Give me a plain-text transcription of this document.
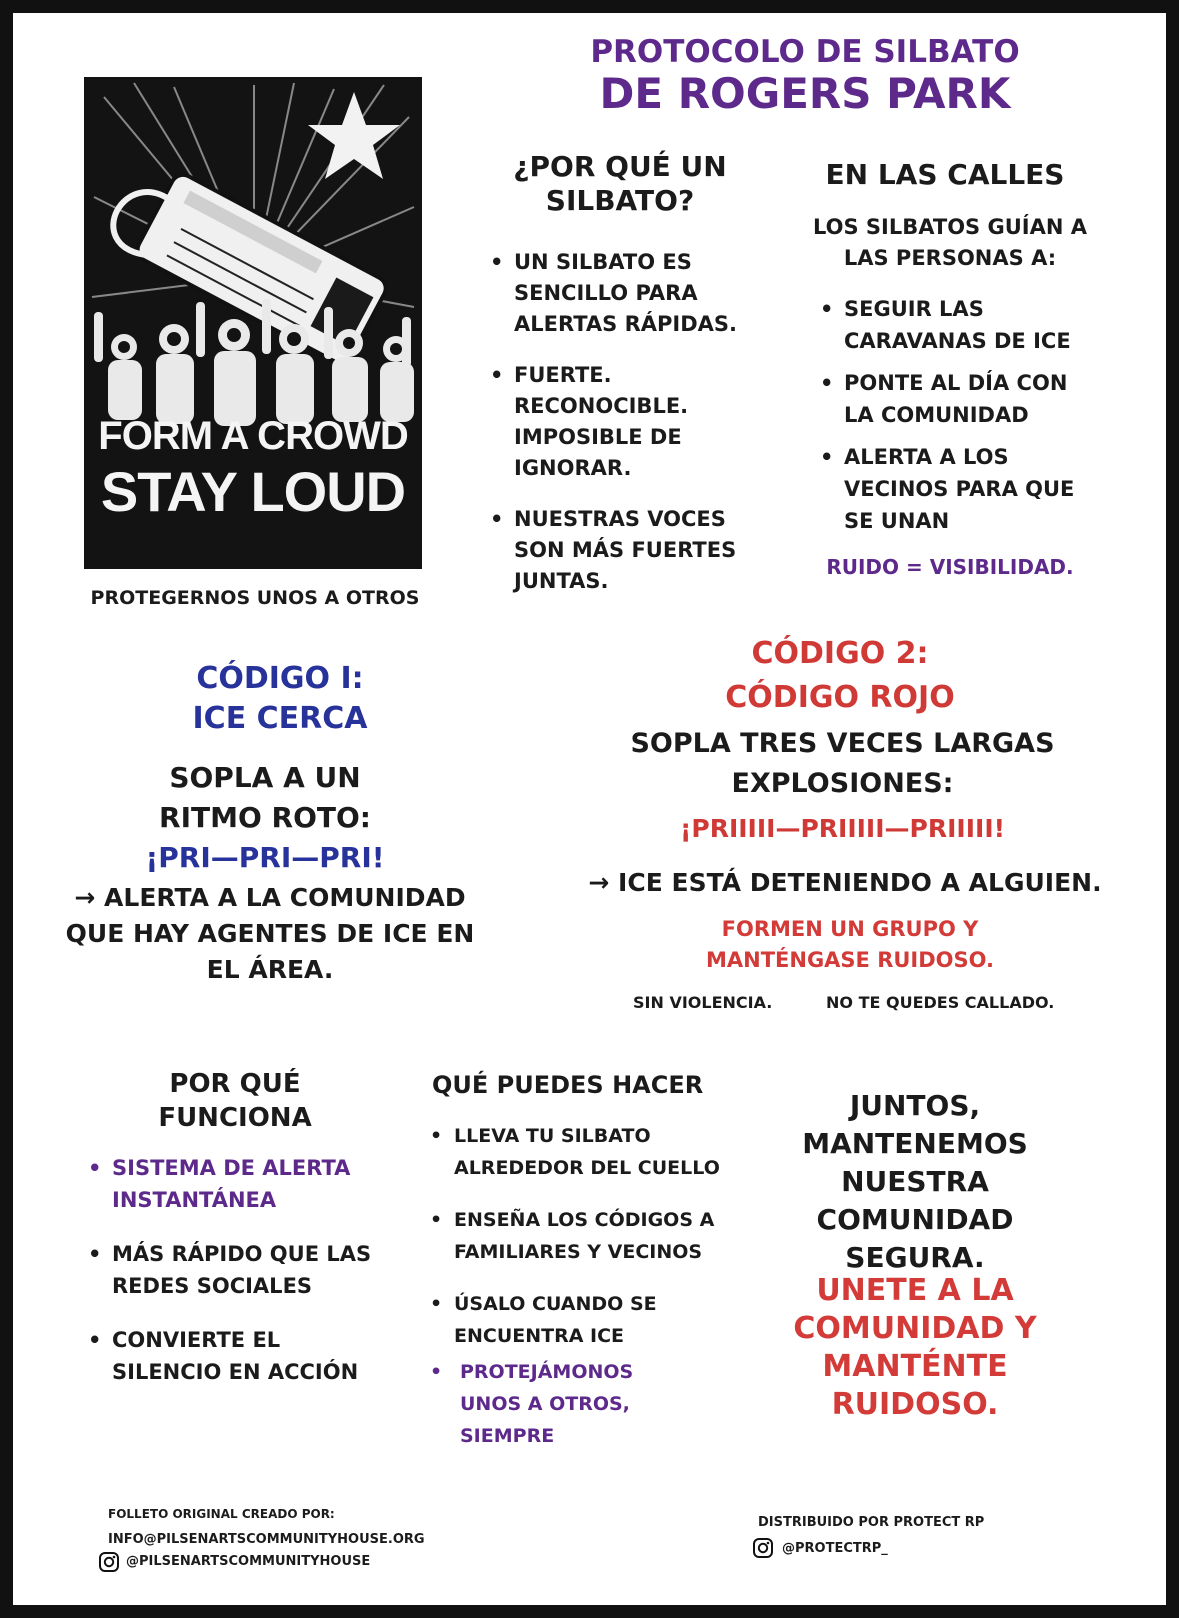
PROTOCOLO DE SILBATO
DE ROGERS PARK
FORM A CROWD
STAY LOUD
PROTEGERNOS UNOS A OTROS
¿POR QUÉ UN SILBATO?
• UN SILBATO ES SENCILLO PARA ALERTAS RÁPIDAS.
• FUERTE. RECONOCIBLE. IMPOSIBLE DE IGNORAR.
• NUESTRAS VOCES SON MÁS FUERTES JUNTAS.
EN LAS CALLES
LOS SILBATOS GUÍAN A LAS PERSONAS A:
• SEGUIR LAS CARAVANAS DE ICE
• PONTE AL DÍA CON LA COMUNIDAD
• ALERTA A LOS VECINOS PARA QUE SE UNAN
RUIDO = VISIBILIDAD.
CÓDIGO I:
ICE CERCA
SOPLA A UN RITMO ROTO:
¡PRI—PRI—PRI!
→ ALERTA A LA COMUNIDAD QUE HAY AGENTES DE ICE EN EL ÁREA.
CÓDIGO 2:
CÓDIGO ROJO
SOPLA TRES VECES LARGAS EXPLOSIONES:
¡PRIIIII—PRIIIII—PRIIIII!
→ ICE ESTÁ DETENIENDO A ALGUIEN.
FORMEN UN GRUPO Y MANTÉNGASE RUIDOSO.
SIN VIOLENCIA.	NO TE QUEDES CALLADO.
POR QUÉ FUNCIONA
• SISTEMA DE ALERTA INSTANTÁNEA
• MÁS RÁPIDO QUE LAS REDES SOCIALES
• CONVIERTE EL SILENCIO EN ACCIÓN
QUÉ PUEDES HACER
• LLEVA TU SILBATO ALREDEDOR DEL CUELLO
• ENSEÑA LOS CÓDIGOS A FAMILIARES Y VECINOS
• ÚSALO CUANDO SE ENCUENTRA ICE
• PROTEJÁMONOS UNOS A OTROS, SIEMPRE
JUNTOS, MANTENEMOS NUESTRA COMUNIDAD SEGURA.
UNETE A LA COMUNIDAD Y MANTÉNTE RUIDOSO.
FOLLETO ORIGINAL CREADO POR:
INFO@PILSENARTSCOMMUNITYHOUSE.ORG
@PILSENARTSCOMMUNITYHOUSE
DISTRIBUIDO POR PROTECT RP
@PROTECTRP_
